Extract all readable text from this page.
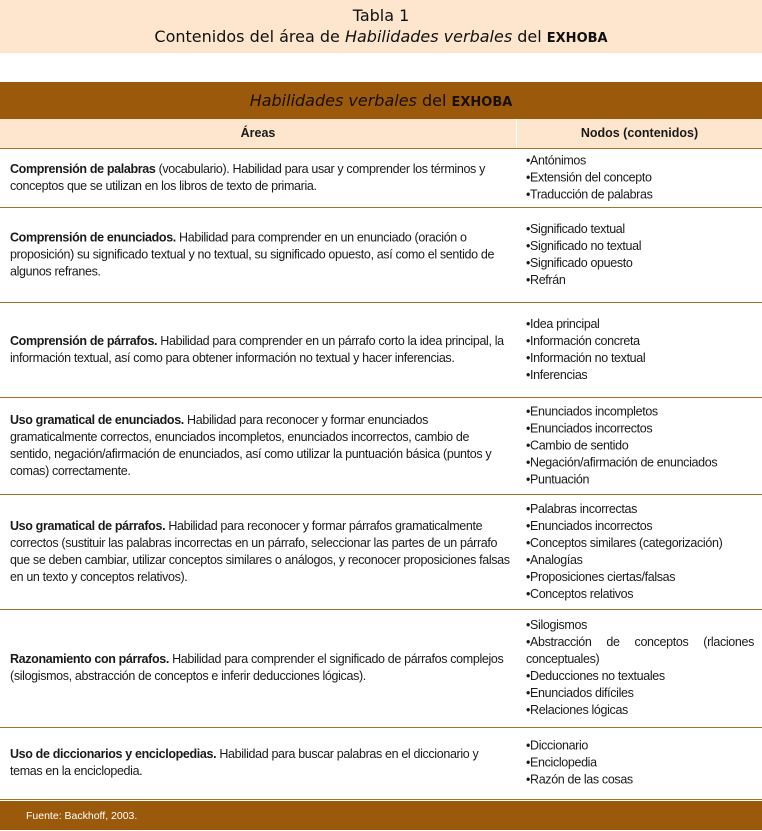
Tabla 1
Contenidos del área de Habilidades verbales del EXHOBA
Habilidades verbales del EXHOBA
Áreas	Nodos (contenidos)
Comprensión de palabras (vocabulario). Habilidad para usar y comprender los términos y conceptos que se utilizan en los libros de texto de primaria.
• Antónimos
• Extensión del concepto
• Traducción de palabras
Comprensión de enunciados. Habilidad para comprender en un enunciado (oración o proposición) su significado textual y no textual, su significado opuesto, así como el sentido de algunos refranes.
• Significado textual
• Significado no textual
• Significado opuesto
• Refrán
Comprensión de párrafos. Habilidad para comprender en un párrafo corto la idea principal, la información textual, así como para obtener información no textual y hacer inferencias.
• Idea principal
• Información concreta
• Información no textual
• Inferencias
Uso gramatical de enunciados. Habilidad para reconocer y formar enunciados gramaticalmente correctos, enunciados incompletos, enunciados incorrectos, cambio de sentido, negación/afirmación de enunciados, así como utilizar la puntuación básica (puntos y comas) correctamente.
• Enunciados incompletos
• Enunciados incorrectos
• Cambio de sentido
• Negación/afirmación de enunciados
• Puntuación
Uso gramatical de párrafos. Habilidad para reconocer y formar párrafos gramaticalmente correctos (sustituir las palabras incorrectas en un párrafo, seleccionar las partes de un párrafo que se deben cambiar, utilizar conceptos similares o análogos, y reconocer proposiciones falsas en un texto y conceptos relativos).
• Palabras incorrectas
• Enunciados incorrectos
• Conceptos similares (categorización)
• Analogías
• Proposiciones ciertas/falsas
• Conceptos relativos
Razonamiento con párrafos. Habilidad para comprender el significado de párrafos complejos (silogismos, abstracción de conceptos e inferir deducciones lógicas).
• Silogismos
• Abstracción de conceptos (rlaciones conceptuales)
• Deducciones no textuales
• Enunciados difíciles
• Relaciones lógicas
Uso de diccionarios y enciclopedias. Habilidad para buscar palabras en el diccionario y temas en la enciclopedia.
• Diccionario
• Enciclopedia
• Razón de las cosas
Fuente: Backhoff, 2003.
